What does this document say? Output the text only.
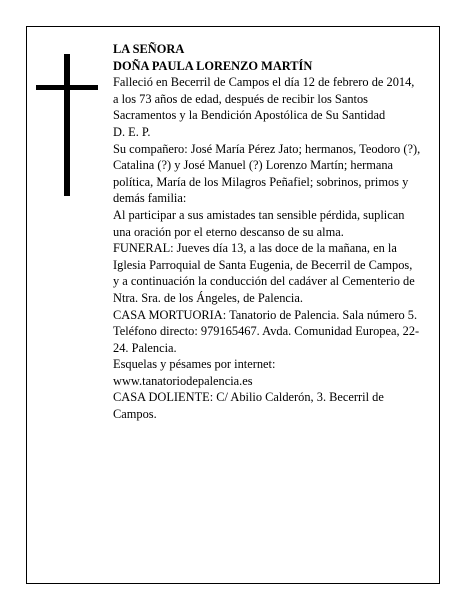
LA SEÑORA

DOÑA PAULA LORENZO MARTÍN

Falleció en Becerril de Campos el día 12 de febrero de 2014, a los 73 años de edad, después de recibir los Santos Sacramentos y la Bendición Apostólica de Su Santidad

D. E. P.

Su compañero: José María Pérez Jato; hermanos, Teodoro (?), Catalina (?) y José Manuel (?) Lorenzo Martín; hermana política, María de los Milagros Peñafiel; sobrinos, primos y demás familia:

Al participar a sus amistades tan sensible pérdida, suplican una oración por el eterno descanso de su alma.

FUNERAL: Jueves día 13, a las doce de la mañana, en la Iglesia Parroquial de Santa Eugenia, de Becerril de Campos, y a continuación la conducción del cadáver al Cementerio de Ntra. Sra. de los Ángeles, de Palencia.

CASA MORTUORIA: Tanatorio de Palencia. Sala número 5. Teléfono directo: 979165467. Avda. Comunidad Europea, 22-24. Palencia.

Esquelas y pésames por internet:

www.tanatoriodepalencia.es

CASA DOLIENTE: C/ Abilio Calderón, 3. Becerril de Campos.
